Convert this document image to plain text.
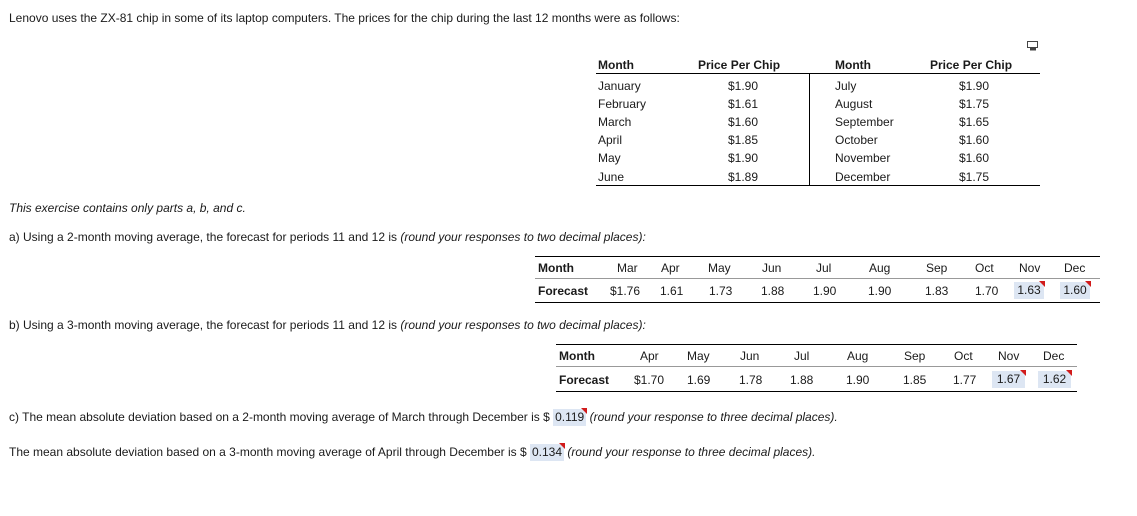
Lenovo uses the ZX-81 chip in some of its laptop computers. The prices for the chip during the last 12 months were as follows:
Month	Price Per Chip	Month	Price Per Chip
January	$1.90
February	$1.61
March	$1.60
April	$1.85
May	$1.90
June	$1.89
July	$1.90
August	$1.75
September	$1.65
October	$1.60
November	$1.60
December	$1.75
This exercise contains only parts a, b, and c.
a) Using a 2-month moving average, the forecast for periods 11 and 12 is (round your responses to two decimal places):
Month
Forecast
Mar Apr May	Jun	Jul	Aug	Sep Oct Nov Dec
$1.76 1.61 1.73 1.88 1.90	1.90	1.83 1.70 1.63 1.60
b) Using a 3-month moving average, the forecast for periods 11 and 12 is (round your responses to two decimal places):
Month
Forecast
Apr May	Jun	Jul	Aug	Sep Oct Nov Dec
$1.70 1.69 1.78 1.88	1.90	1.85 1.77	1.67	1.62
c) The mean absolute deviation based on a 2-month moving average of March through December is $ 0.119 (round your response to three decimal places).
The mean absolute deviation based on a 3-month moving average of April through December is $ 0.134 (round your response to three decimal places).
